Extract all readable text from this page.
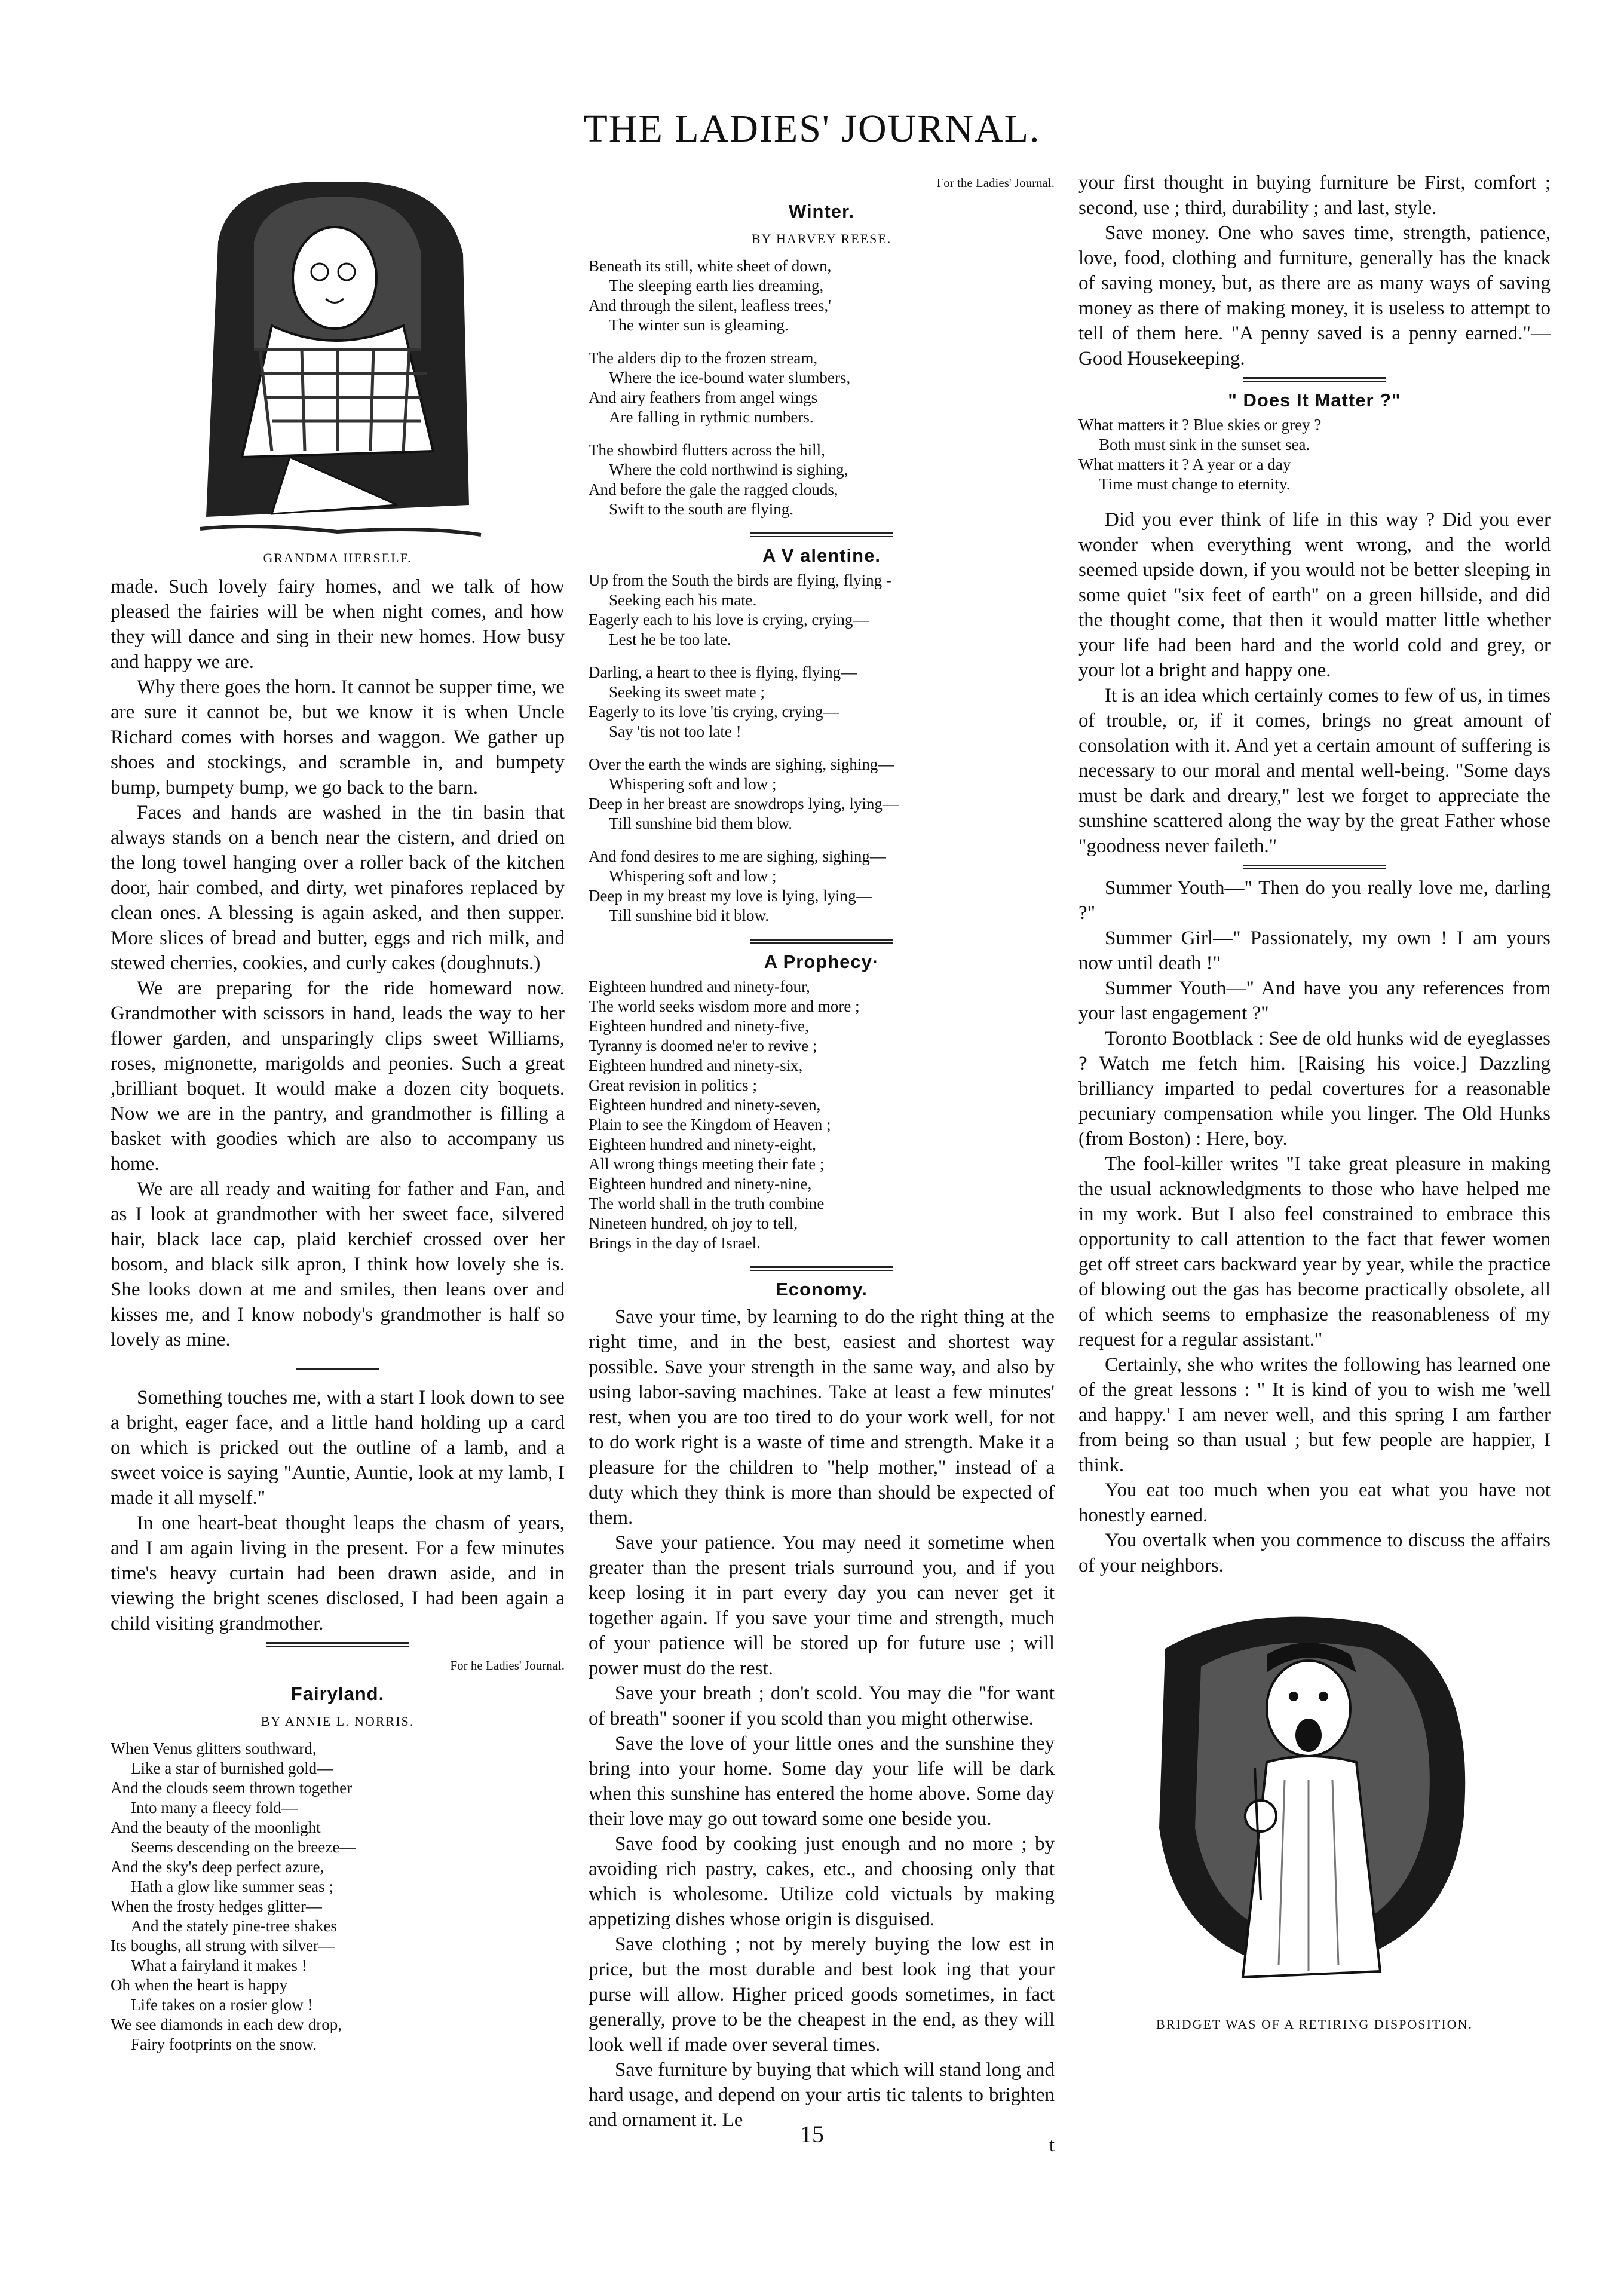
THE LADIES' JOURNAL.
GRANDMA HERSELF.

made. Such lovely fairy homes, and we talk of how pleased the fairies will be when night comes, and how they will dance and sing in their new homes. How busy and happy we are.

Why there goes the horn. It cannot be supper time, we are sure it cannot be, but we know it is when Uncle Richard comes with horses and waggon. We gather up shoes and stockings, and scramble in, and bumpety bump, bumpety bump, we go back to the barn.

Faces and hands are washed in the tin basin that always stands on a bench near the cistern, and dried on the long towel hanging over a roller back of the kitchen door, hair combed, and dirty, wet pinafores replaced by clean ones. A blessing is again asked, and then supper. More slices of bread and butter, eggs and rich milk, and stewed cherries, cookies, and curly cakes (doughnuts.)

We are preparing for the ride homeward now. Grandmother with scissors in hand, leads the way to her flower garden, and unsparingly clips sweet Williams, roses, mignonette, marigolds and peonies. Such a great ,brilliant boquet. It would make a dozen city boquets. Now we are in the pantry, and grandmother is filling a basket with goodies which are also to accompany us home.

We are all ready and waiting for father and Fan, and as I look at grandmother with her sweet face, silvered hair, black lace cap, plaid kerchief crossed over her bosom, and black silk apron, I think how lovely she is. She looks down at me and smiles, then leans over and kisses me, and I know nobody's grandmother is half so lovely as mine.

Something touches me, with a start I look down to see a bright, eager face, and a little hand holding up a card on which is pricked out the outline of a lamb, and a sweet voice is saying "Auntie, Auntie, look at my lamb, I made it all myself."

In one heart-beat thought leaps the chasm of years, and I am again living in the present. For a few minutes time's heavy curtain had been drawn aside, and in viewing the bright scenes disclosed, I had been again a child visiting grandmother.

For he Ladies' Journal.

Fairyland.
BY ANNIE L. NORRIS.
When Venus glitters southward,
Like a star of burnished gold—
And the clouds seem thrown together
Into many a fleecy fold—
And the beauty of the moonlight
Seems descending on the breeze—
And the sky's deep perfect azure,
Hath a glow like summer seas ;
When the frosty hedges glitter—
And the stately pine-tree shakes
Its boughs, all strung with silver—
What a fairyland it makes !
Oh when the heart is happy
Life takes on a rosier glow !
We see diamonds in each dew drop,
Fairy footprints on the snow.

For the Ladies' Journal.

Winter.
BY HARVEY REESE.
Beneath its still, white sheet of down,
The sleeping earth lies dreaming,
And through the silent, leafless trees,'
The winter sun is gleaming.
The alders dip to the frozen stream,
Where the ice-bound water slumbers,
And airy feathers from angel wings
Are falling in rythmic numbers.
The showbird flutters across the hill,
Where the cold northwind is sighing,
And before the gale the ragged clouds,
Swift to the south are flying.
A V alentine.
Up from the South the birds are flying, flying -
Seeking each his mate.
Eagerly each to his love is crying, crying—
Lest he be too late.
Darling, a heart to thee is flying, flying—
Seeking its sweet mate ;
Eagerly to its love 'tis crying, crying—
Say 'tis not too late !
Over the earth the winds are sighing, sighing—
Whispering soft and low ;
Deep in her breast are snowdrops lying, lying—
Till sunshine bid them blow.
And fond desires to me are sighing, sighing—
Whispering soft and low ;
Deep in my breast my love is lying, lying—
Till sunshine bid it blow.
A Prophecy·
Eighteen hundred and ninety-four,
The world seeks wisdom more and more ;
Eighteen hundred and ninety-five,
Tyranny is doomed ne'er to revive ;
Eighteen hundred and ninety-six,
Great revision in politics ;
Eighteen hundred and ninety-seven,
Plain to see the Kingdom of Heaven ;
Eighteen hundred and ninety-eight,
All wrong things meeting their fate ;
Eighteen hundred and ninety-nine,
The world shall in the truth combine
Nineteen hundred, oh joy to tell,
Brings in the day of Israel.
Economy.

Save your time, by learning to do the right thing at the right time, and in the best, easiest and shortest way possible. Save your strength in the same way, and also by using labor-saving machines. Take at least a few minutes' rest, when you are too tired to do your work well, for not to do work right is a waste of time and strength. Make it a pleasure for the children to "help mother," instead of a duty which they think is more than should be expected of them.

Save your patience. You may need it sometime when greater than the present trials surround you, and if you keep losing it in part every day you can never get it together again. If you save your time and strength, much of your patience will be stored up for future use ; will power must do the rest.

Save your breath ; don't scold. You may die "for want of breath" sooner if you scold than you might otherwise.

Save the love of your little ones and the sunshine they bring into your home. Some day your life will be dark when this sunshine has entered the home above. Some day their love may go out toward some one beside you.

Save food by cooking just enough and no more ; by avoiding rich pastry, cakes, etc., and choosing only that which is wholesome. Utilize cold victuals by making appetizing dishes whose origin is disguised.

Save clothing ; not by merely buying the low est in price, but the most durable and best look ing that your purse will allow. Higher priced goods sometimes, in fact generally, prove to be the cheapest in the end, as they will look well if made over several times.

Save furniture by buying that which will stand long and hard usage, and depend on your artis tic talents to brighten and ornament it. Le

t

your first thought in buying furniture be First, comfort ; second, use ; third, durability ; and last, style.

Save money. One who saves time, strength, patience, love, food, clothing and furniture, generally has the knack of saving money, but, as there are as many ways of saving money as there of making money, it is useless to attempt to tell of them here. "A penny saved is a penny earned."—Good Housekeeping.

" Does It Matter ?"
What matters it ? Blue skies or grey ?
Both must sink in the sunset sea.
What matters it ? A year or a day
Time must change to eternity.

Did you ever think of life in this way ? Did you ever wonder when everything went wrong, and the world seemed upside down, if you would not be better sleeping in some quiet "six feet of earth" on a green hillside, and did the thought come, that then it would matter little whether your life had been hard and the world cold and grey, or your lot a bright and happy one.

It is an idea which certainly comes to few of us, in times of trouble, or, if it comes, brings no great amount of consolation with it. And yet a certain amount of suffering is necessary to our moral and mental well-being. "Some days must be dark and dreary," lest we forget to appreciate the sunshine scattered along the way by the great Father whose "goodness never faileth."

Summer Youth—" Then do you really love me, darling ?"

Summer Girl—" Passionately, my own ! I am yours now until death !"

Summer Youth—" And have you any references from your last engagement ?"

Toronto Bootblack : See de old hunks wid de eyeglasses ? Watch me fetch him. [Raising his voice.] Dazzling brilliancy imparted to pedal covertures for a reasonable pecuniary compensation while you linger. The Old Hunks (from Boston) : Here, boy.

The fool-killer writes "I take great pleasure in making the usual acknowledgments to those who have helped me in my work. But I also feel constrained to embrace this opportunity to call attention to the fact that fewer women get off street cars backward year by year, while the practice of blowing out the gas has become practically obsolete, all of which seems to emphasize the reasonableness of my request for a regular assistant."

Certainly, she who writes the following has learned one of the great lessons : " It is kind of you to wish me 'well and happy.' I am never well, and this spring I am farther from being so than usual ; but few people are happier, I think.

You eat too much when you eat what you have not honestly earned.

You overtalk when you commence to discuss the affairs of your neighbors.

BRIDGET WAS OF A RETIRING DISPOSITION.
15
